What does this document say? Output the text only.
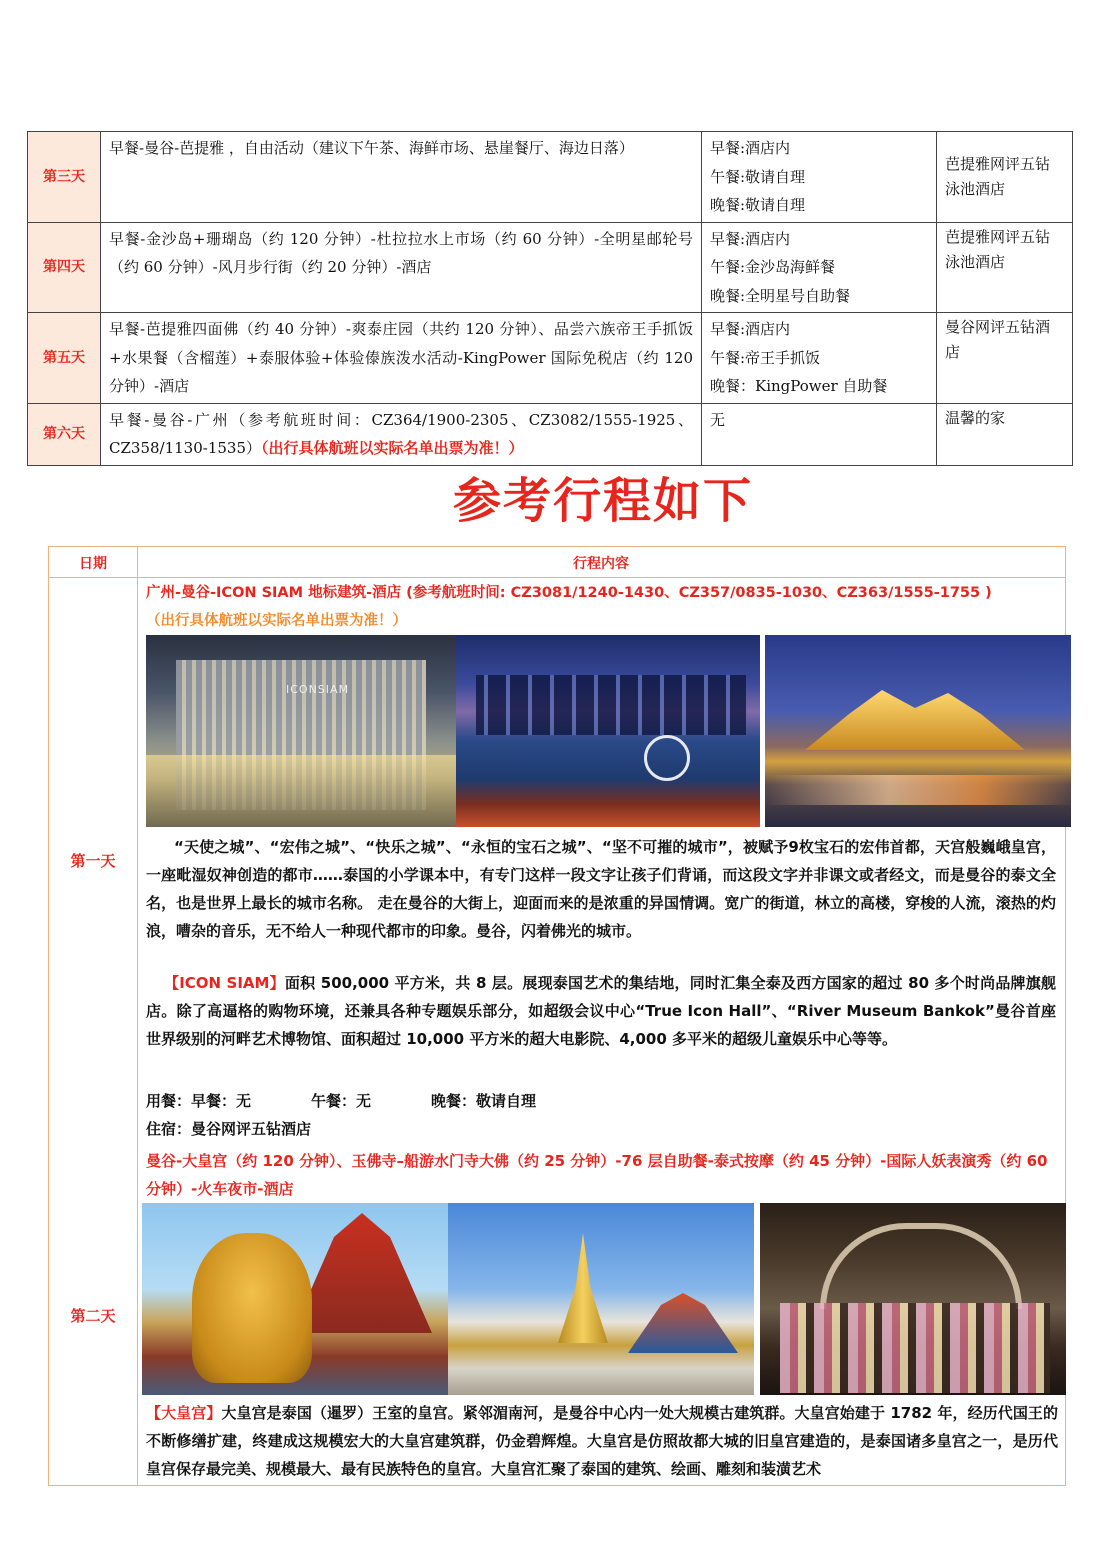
第三天	早餐-曼谷-芭提雅 ，自由活动（建议下午茶、海鲜市场、悬崖餐厅、海边日落）	早餐:酒店内
午餐:敬请自理
晚餐:敬请自理	芭提雅网评五钻泳池酒店
第四天	早餐-金沙岛+珊瑚岛（约 120 分钟）-杜拉拉水上市场（约 60 分钟）-全明星邮轮号（约 60 分钟）-风月步行街（约 20 分钟）-酒店	早餐:酒店内
午餐:金沙岛海鲜餐
晚餐:全明星号自助餐	芭提雅网评五钻泳池酒店
第五天	早餐-芭提雅四面佛（约 40 分钟）-爽泰庄园（共约 120 分钟）、品尝六族帝王手抓饭+水果餐（含榴莲）+泰服体验+体验傣族泼水活动-KingPower 国际免税店（约 120 分钟）-酒店	早餐:酒店内
午餐:帝王手抓饭
晚餐：KingPower 自助餐	曼谷网评五钻酒店
第六天	早餐-曼谷-广州（参考航班时间：CZ364/1900-2305、CZ3082/1555-1925、CZ358/1130-1535）（出行具体航班以实际名单出票为准！）	无	温馨的家
参考行程如下
日期	行程内容
第一天
广州-曼谷-ICON SIAM 地标建筑-酒店 (参考航班时间: CZ3081/1240-1430、CZ357/0835-1030、CZ363/1555-1755 )
（出行具体航班以实际名单出票为准！）
ICONSIAM
“天使之城”、“宏伟之城”、“快乐之城”、“永恒的宝石之城”、“坚不可摧的城市”，被赋予9枚宝石的宏伟首都，天宫般巍峨皇宫，一座毗湿奴神创造的都市……泰国的小学课本中，有专门这样一段文字让孩子们背诵，而这段文字并非课文或者经文，而是曼谷的泰文全名，也是世界上最长的城市名称。 走在曼谷的大街上，迎面而来的是浓重的异国情调。宽广的街道，林立的高楼，穿梭的人流，滚热的灼浪，嘈杂的音乐，无不给人一种现代都市的印象。曼谷，闪着佛光的城市。
【ICON SIAM】面积 500,000 平方米，共 8 层。展现泰国艺术的集结地，同时汇集全泰及西方国家的超过 80 多个时尚品牌旗舰店。除了高逼格的购物环境，还兼具各种专题娱乐部分，如超级会议中心“True Icon Hall”、“River Museum Bankok”曼谷首座世界级别的河畔艺术博物馆、面积超过 10,000 平方米的超大电影院、4,000 多平米的超级儿童娱乐中心等等。
用餐：早餐：无	午餐：无	晚餐：敬请自理
住宿：曼谷网评五钻酒店
第二天
曼谷-大皇宫（约 120 分钟）、玉佛寺–船游水门寺大佛（约 25 分钟）-76 层自助餐-泰式按摩（约 45 分钟）-国际人妖表演秀（约 60 分钟）-火车夜市-酒店
【大皇宫】大皇宫是泰国（暹罗）王室的皇宫。紧邻湄南河，是曼谷中心内一处大规模古建筑群。大皇宫始建于 1782 年，经历代国王的不断修缮扩建，终建成这规模宏大的大皇宫建筑群，仍金碧辉煌。大皇宫是仿照故都大城的旧皇宫建造的，是泰国诸多皇宫之一，是历代皇宫保存最完美、规模最大、最有民族特色的皇宫。大皇宫汇聚了泰国的建筑、绘画、雕刻和装潢艺术
